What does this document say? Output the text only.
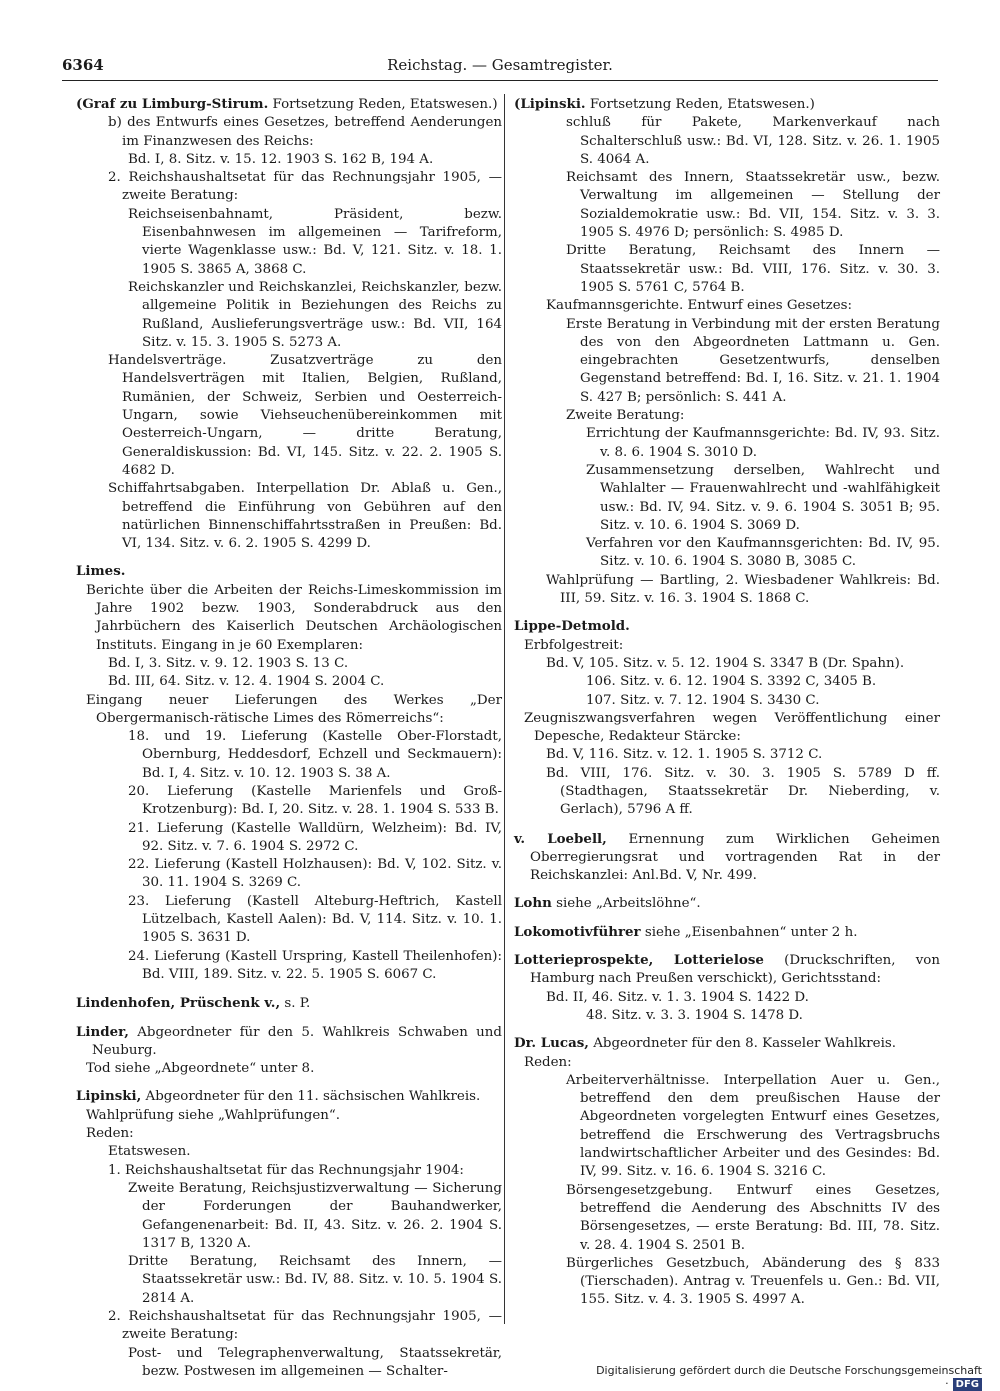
6364	Reichstag. — Gesamtregister.

(Graf zu Limburg-Stirum. Fortsetzung Reden, Etatswesen.)

b) des Entwurfs eines Gesetzes, betreffend Aenderungen im Finanzwesen des Reichs:

Bd. I, 8. Sitz. v. 15. 12. 1903 S. 162 B, 194 A.

2. Reichshaushaltsetat für das Rechnungsjahr 1905, — zweite Beratung:

Reichseisenbahnamt, Präsident, bezw. Eisenbahnwesen im allgemeinen — Tarifreform, vierte Wagenklasse usw.: Bd. V, 121. Sitz. v. 18. 1. 1905 S. 3865 A, 3868 C.

Reichskanzler und Reichskanzlei, Reichskanzler, bezw. allgemeine Politik in Beziehungen des Reichs zu Rußland, Auslieferungsverträge usw.: Bd. VII, 164 Sitz. v. 15. 3. 1905 S. 5273 A.

Handelsverträge. Zusatzverträge zu den Handelsverträgen mit Italien, Belgien, Rußland, Rumänien, der Schweiz, Serbien und Oesterreich-Ungarn, sowie Viehseuchenübereinkommen mit Oesterreich-Ungarn, — dritte Beratung, Generaldiskussion: Bd. VI, 145. Sitz. v. 22. 2. 1905 S. 4682 D.

Schiffahrtsabgaben. Interpellation Dr. Ablaß u. Gen., betreffend die Einführung von Gebühren auf den natürlichen Binnenschiffahrtsstraßen in Preußen: Bd. VI, 134. Sitz. v. 6. 2. 1905 S. 4299 D.

Limes.

Berichte über die Arbeiten der Reichs-Limeskommission im Jahre 1902 bezw. 1903, Sonderabdruck aus den Jahrbüchern des Kaiserlich Deutschen Archäologischen Instituts. Eingang in je 60 Exemplaren:

Bd. I, 3. Sitz. v. 9. 12. 1903 S. 13 C.

Bd. III, 64. Sitz. v. 12. 4. 1904 S. 2004 C.

Eingang neuer Lieferungen des Werkes „Der Obergermanisch-rätische Limes des Römerreichs“:

18. und 19. Lieferung (Kastelle Ober-Florstadt, Obernburg, Heddesdorf, Echzell und Seckmauern): Bd. I, 4. Sitz. v. 10. 12. 1903 S. 38 A.

20. Lieferung (Kastelle Marienfels und Groß-Krotzenburg): Bd. I, 20. Sitz. v. 28. 1. 1904 S. 533 B.

21. Lieferung (Kastelle Walldürn, Welzheim): Bd. IV, 92. Sitz. v. 7. 6. 1904 S. 2972 C.

22. Lieferung (Kastell Holzhausen): Bd. V, 102. Sitz. v. 30. 11. 1904 S. 3269 C.

23. Lieferung (Kastell Alteburg-Heftrich, Kastell Lützelbach, Kastell Aalen): Bd. V, 114. Sitz. v. 10. 1. 1905 S. 3631 D.

24. Lieferung (Kastell Urspring, Kastell Theilenhofen): Bd. VIII, 189. Sitz. v. 22. 5. 1905 S. 6067 C.

Lindenhofen, Prüschenk v., s. P.

Linder, Abgeordneter für den 5. Wahlkreis Schwaben und Neuburg.

Tod siehe „Abgeordnete“ unter 8.

Lipinski, Abgeordneter für den 11. sächsischen Wahlkreis.

Wahlprüfung siehe „Wahlprüfungen“.

Reden:

Etatswesen.

1. Reichshaushaltsetat für das Rechnungsjahr 1904:

Zweite Beratung, Reichsjustizverwaltung — Sicherung der Forderungen der Bauhandwerker, Gefangenenarbeit: Bd. II, 43. Sitz. v. 26. 2. 1904 S. 1317 B, 1320 A.

Dritte Beratung, Reichsamt des Innern, — Staatssekretär usw.: Bd. IV, 88. Sitz. v. 10. 5. 1904 S. 2814 A.

2. Reichshaushaltsetat für das Rechnungsjahr 1905, — zweite Beratung:

Post- und Telegraphenverwaltung, Staatssekretär, bezw. Postwesen im allgemeinen — Schalter-

(Lipinski. Fortsetzung Reden, Etatswesen.)

schluß für Pakete, Markenverkauf nach Schalterschluß usw.: Bd. VI, 128. Sitz. v. 26. 1. 1905 S. 4064 A.

Reichsamt des Innern, Staatssekretär usw., bezw. Verwaltung im allgemeinen — Stellung der Sozialdemokratie usw.: Bd. VII, 154. Sitz. v. 3. 3. 1905 S. 4976 D; persönlich: S. 4985 D.

Dritte Beratung, Reichsamt des Innern — Staatssekretär usw.: Bd. VIII, 176. Sitz. v. 30. 3. 1905 S. 5761 C, 5764 B.

Kaufmannsgerichte. Entwurf eines Gesetzes:

Erste Beratung in Verbindung mit der ersten Beratung des von den Abgeordneten Lattmann u. Gen. eingebrachten Gesetzentwurfs, denselben Gegenstand betreffend: Bd. I, 16. Sitz. v. 21. 1. 1904 S. 427 B; persönlich: S. 441 A.

Zweite Beratung:

Errichtung der Kaufmannsgerichte: Bd. IV, 93. Sitz. v. 8. 6. 1904 S. 3010 D.

Zusammensetzung derselben, Wahlrecht und Wahlalter — Frauenwahlrecht und -wahlfähigkeit usw.: Bd. IV, 94. Sitz. v. 9. 6. 1904 S. 3051 B; 95. Sitz. v. 10. 6. 1904 S. 3069 D.

Verfahren vor den Kaufmannsgerichten: Bd. IV, 95. Sitz. v. 10. 6. 1904 S. 3080 B, 3085 C.

Wahlprüfung — Bartling, 2. Wiesbadener Wahlkreis: Bd. III, 59. Sitz. v. 16. 3. 1904 S. 1868 C.

Lippe-Detmold.

Erbfolgestreit:

Bd. V, 105. Sitz. v. 5. 12. 1904 S. 3347 B (Dr. Spahn).

106. Sitz. v. 6. 12. 1904 S. 3392 C, 3405 B.

107. Sitz. v. 7. 12. 1904 S. 3430 C.

Zeugniszwangsverfahren wegen Veröffentlichung einer Depesche, Redakteur Stärcke:

Bd. V, 116. Sitz. v. 12. 1. 1905 S. 3712 C.

Bd. VIII, 176. Sitz. v. 30. 3. 1905 S. 5789 D ff. (Stadthagen, Staatssekretär Dr. Nieberding, v. Gerlach), 5796 A ff.

v. Loebell, Ernennung zum Wirklichen Geheimen Oberregierungsrat und vortragenden Rat in der Reichskanzlei: Anl.Bd. V, Nr. 499.

Lohn siehe „Arbeitslöhne“.

Lokomotivführer siehe „Eisenbahnen“ unter 2 h.

Lotterieprospekte, Lotterielose (Druckschriften, von Hamburg nach Preußen verschickt), Gerichtsstand:

Bd. II, 46. Sitz. v. 1. 3. 1904 S. 1422 D.

48. Sitz. v. 3. 3. 1904 S. 1478 D.

Dr. Lucas, Abgeordneter für den 8. Kasseler Wahlkreis.

Reden:

Arbeiterverhältnisse. Interpellation Auer u. Gen., betreffend den dem preußischen Hause der Abgeordneten vorgelegten Entwurf eines Gesetzes, betreffend die Erschwerung des Vertragsbruchs landwirtschaftlicher Arbeiter und des Gesindes: Bd. IV, 99. Sitz. v. 16. 6. 1904 S. 3216 C.

Börsengesetzgebung. Entwurf eines Gesetzes, betreffend die Aenderung des Abschnitts IV des Börsengesetzes, — erste Beratung: Bd. III, 78. Sitz. v. 28. 4. 1904 S. 2501 B.

Bürgerliches Gesetzbuch, Abänderung des § 833 (Tierschaden). Antrag v. Treuenfels u. Gen.: Bd. VII, 155. Sitz. v. 4. 3. 1905 S. 4997 A.

Digitalisierung gefördert durch die Deutsche Forschungsgemeinschaft · DFG
